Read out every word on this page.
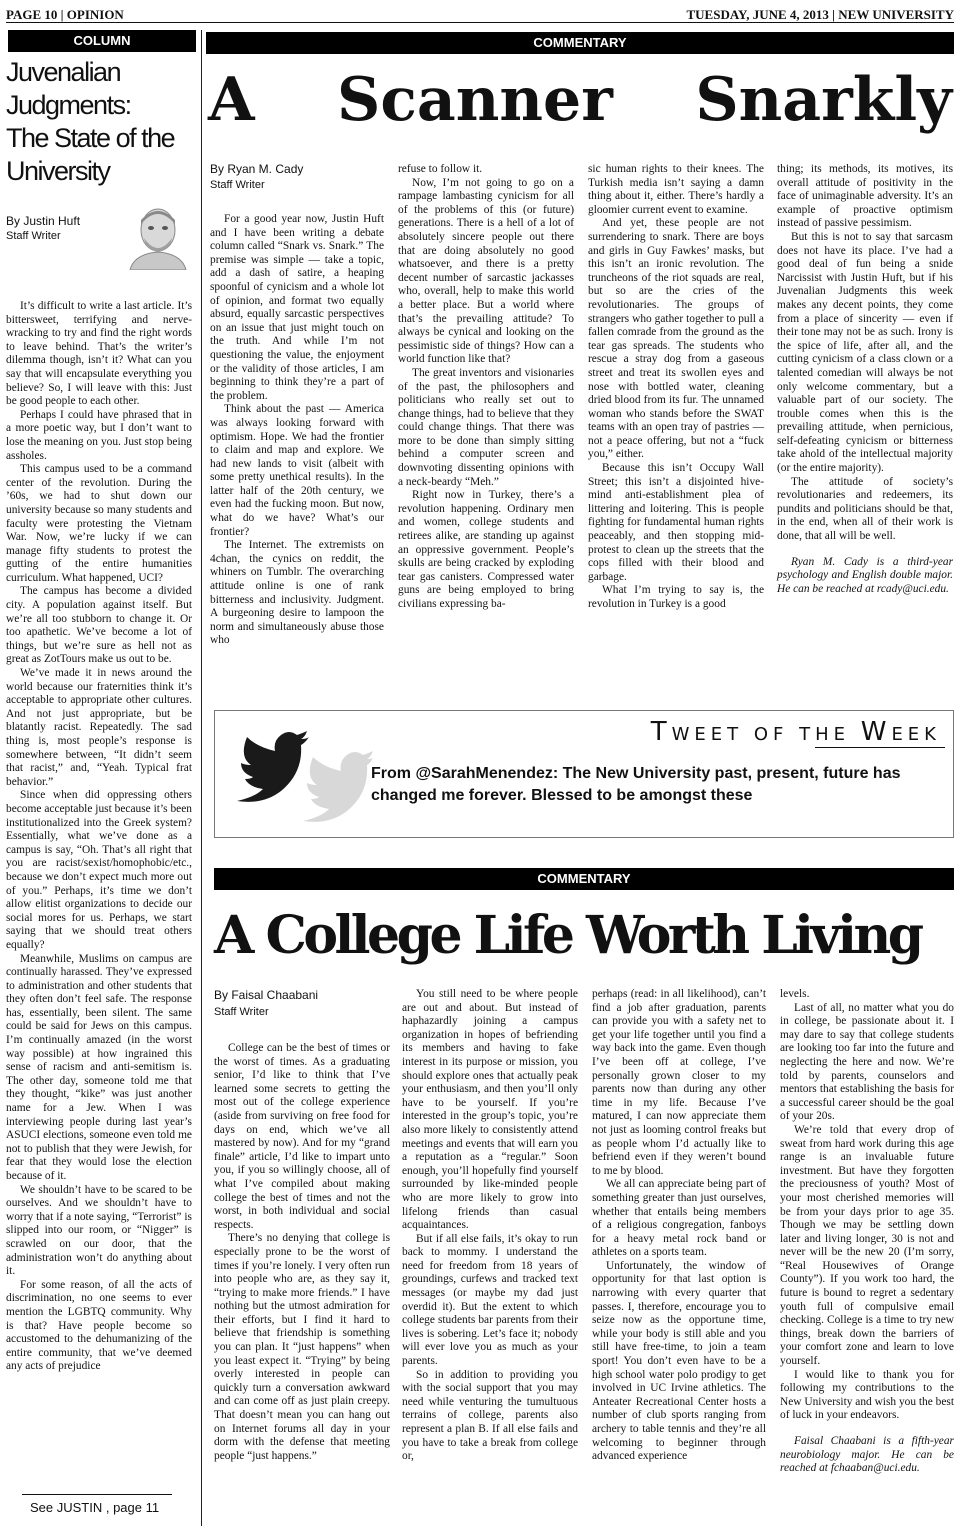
PAGE 10 | OPINION	TUESDAY, JUNE 4, 2013 | NEW UNIVERSITY
COLUMN	COMMENTARY
Juvenalian Judgments: The State of the University
By Justin Huft
Staff Writer

It’s difficult to write a last article. It’s bittersweet, terrifying and nerve-wracking to try and find the right words to leave behind. That’s the writer’s dilemma though, isn’t it? What can you say that will encapsulate everything you believe? So, I will leave with this: Just be good people to each other.

Perhaps I could have phrased that in a more poetic way, but I don’t want to lose the meaning on you. Just stop being assholes.

This campus used to be a command center of the revolution. During the ’60s, we had to shut down our university because so many students and faculty were protesting the Vietnam War. Now, we’re lucky if we can manage fifty students to protest the gutting of the entire humanities curriculum. What happened, UCI?

The campus has become a divided city. A population against itself. But we’re all too stubborn to change it. Or too apathetic. We’ve become a lot of things, but we’re sure as hell not as great as ZotTours make us out to be.

We’ve made it in news around the world because our fraternities think it’s acceptable to appropriate other cultures. And not just appropriate, but be blatantly racist. Repeatedly. The sad thing is, most people’s response is somewhere between, “It didn’t seem that racist,” and, “Yeah. Typical frat behavior.”

Since when did oppressing others become acceptable just because it’s been institutionalized into the Greek system? Essentially, what we’ve done as a campus is say, “Oh. That’s all right that you are racist/sexist/homophobic/etc., because we don’t expect much more out of you.” Perhaps, it’s time we don’t allow elitist organizations to decide our social mores for us. Perhaps, we start saying that we should treat others equally?

Meanwhile, Muslims on campus are continually harassed. They’ve expressed to administration and other students that they often don’t feel safe. The response has, essentially, been silent. The same could be said for Jews on this campus. I’m continually amazed (in the worst way possible) at how ingrained this sense of racism and anti-semitism is. The other day, someone told me that they thought, “kike” was just another name for a Jew. When I was interviewing people during last year’s ASUCI elections, someone even told me not to publish that they were Jewish, for fear that they would lose the election because of it.

We shouldn’t have to be scared to be ourselves. And we shouldn’t have to worry that if a note saying, “Terrorist” is slipped into our room, or “Nigger” is scrawled on our door, that the administration won’t do anything about it.

For some reason, of all the acts of discrimination, no one seems to ever mention the LGBTQ community. Why is that? Have people become so accustomed to the dehumanizing of the entire community, that we’ve deemed any acts of prejudice

See JUSTIN , page 11
A Scanner Snarkly
By Ryan M. Cady
Staff Writer

For a good year now, Justin Huft and I have been writing a debate column called “Snark vs. Snark.” The premise was simple — take a topic, add a dash of satire, a heaping spoonful of cynicism and a whole lot of opinion, and format two equally absurd, equally sarcastic perspectives on an issue that just might touch on the truth. And while I’m not questioning the value, the enjoyment or the validity of those articles, I am beginning to think they’re a part of the problem.

Think about the past — America was always looking forward with optimism. Hope. We had the frontier to claim and map and explore. We had new lands to visit (albeit with some pretty unethical results). In the latter half of the 20th century, we even had the fucking moon. But now, what do we have? What’s our frontier?

The Internet. The extremists on 4chan, the cynics on reddit, the whiners on Tumblr. The overarching attitude online is one of rank bitterness and inclusivity. Judgment. A burgeoning desire to lampoon the norm and simultaneously abuse those who

refuse to follow it.

Now, I’m not going to go on a rampage lambasting cynicism for all of the problems of this (or future) generations. There is a hell of a lot of absolutely sincere people out there that are doing absolutely no good whatsoever, and there is a pretty decent number of sarcastic jackasses who, overall, help to make this world a better place. But a world where that’s the prevailing attitude? To always be cynical and looking on the pessimistic side of things? How can a world function like that?

The great inventors and visionaries of the past, the philosophers and politicians who really set out to change things, had to believe that they could change things. That there was more to be done than simply sitting behind a computer screen and downvoting dissenting opinions with a neck-beardy “Meh.”

Right now in Turkey, there’s a revolution happening. Ordinary men and women, college students and retirees alike, are standing up against an oppressive government. People’s skulls are being cracked by exploding tear gas canisters. Compressed water guns are being employed to bring civilians expressing ba-

sic human rights to their knees. The Turkish media isn’t saying a damn thing about it, either. There’s hardly a gloomier current event to examine.

And yet, these people are not surrendering to snark. There are boys and girls in Guy Fawkes’ masks, but this isn’t an ironic revolution. The truncheons of the riot squads are real, but so are the cries of the revolutionaries. The groups of strangers who gather together to pull a fallen comrade from the ground as the tear gas spreads. The students who rescue a stray dog from a gaseous street and treat its swollen eyes and nose with bottled water, cleaning dried blood from its fur. The unnamed woman who stands before the SWAT teams with an open tray of pastries — not a peace offering, but not a “fuck you,” either.

Because this isn’t Occupy Wall Street; this isn’t a disjointed hive-mind anti-establishment plea of littering and loitering. This is people fighting for fundamental human rights peaceably, and then stopping mid-protest to clean up the streets that the cops filled with their blood and garbage.

What I’m trying to say is, the revolution in Turkey is a good

thing; its methods, its motives, its overall attitude of positivity in the face of unimaginable adversity. It’s an example of proactive optimism instead of passive pessimism.

But this is not to say that sarcasm does not have its place. I’ve had a good deal of fun being a snide Narcissist with Justin Huft, but if his Juvenalian Judgments this week makes any decent points, they come from a place of sincerity — even if their tone may not be as such. Irony is the spice of life, after all, and the cutting cynicism of a class clown or a talented comedian will always be not only welcome commentary, but a valuable part of our society. The trouble comes when this is the prevailing attitude, when pernicious, self-defeating cynicism or bitterness take ahold of the intellectual majority (or the entire majority).

The attitude of society’s revolutionaries and redeemers, its pundits and politicians should be that, in the end, when all of their work is done, that all will be well.

Ryan M. Cady is a third-year psychology and English double major. He can be reached at rcady@uci.edu.

TWEET OF THE WEEK
From @SarahMenendez: The New University past, present, future has changed me forever. Blessed to be amongst these
COMMENTARY
A College Life Worth Living
By Faisal Chaabani
Staff Writer

College can be the best of times or the worst of times. As a graduating senior, I’d like to think that I’ve learned some secrets to getting the most out of the college experience (aside from surviving on free food for days on end, which we’ve all mastered by now). And for my “grand finale” article, I’d like to impart unto you, if you so willingly choose, all of what I’ve compiled about making college the best of times and not the worst, in both individual and social respects.

There’s no denying that college is especially prone to be the worst of times if you’re lonely. I very often run into people who are, as they say it, “trying to make more friends.” I have nothing but the utmost admiration for their efforts, but I find it hard to believe that friendship is something you can plan. It “just happens” when you least expect it. “Trying” by being overly interested in people can quickly turn a conversation awkward and can come off as just plain creepy. That doesn’t mean you can hang out on Internet forums all day in your dorm with the defense that meeting people “just happens.”

You still need to be where people are out and about. But instead of haphazardly joining a campus organization in hopes of befriending its members and having to fake interest in its purpose or mission, you should explore ones that actually peak your enthusiasm, and then you’ll only have to be yourself. If you’re interested in the group’s topic, you’re also more likely to consistently attend meetings and events that will earn you a reputation as a “regular.” Soon enough, you’ll hopefully find yourself surrounded by like-minded people who are more likely to grow into lifelong friends than casual acquaintances.

But if all else fails, it’s okay to run back to mommy. I understand the need for freedom from 18 years of groundings, curfews and tracked text messages (or maybe my dad just overdid it). But the extent to which college students bar parents from their lives is sobering. Let’s face it; nobody will ever love you as much as your parents.

So in addition to providing you with the social support that you may need while venturing the tumultuous terrains of college, parents also represent a plan B. If all else fails and you have to take a break from college or,

perhaps (read: in all likelihood), can’t find a job after graduation, parents can provide you with a safety net to get your life together until you find a way back into the game. Even though I’ve been off at college, I’ve personally grown closer to my parents now than during any other time in my life. Because I’ve matured, I can now appreciate them not just as looming control freaks but as people whom I’d actually like to befriend even if they weren’t bound to me by blood.

We all can appreciate being part of something greater than just ourselves, whether that entails being members of a religious congregation, fanboys for a heavy metal rock band or athletes on a sports team.

Unfortunately, the window of opportunity for that last option is narrowing with every quarter that passes. I, therefore, encourage you to seize now as the opportune time, while your body is still able and you still have free-time, to join a team sport! You don’t even have to be a high school water polo prodigy to get involved in UC Irvine athletics. The Anteater Recreational Center hosts a number of club sports ranging from archery to table tennis and they’re all welcoming to beginner through advanced experience

levels.

Last of all, no matter what you do in college, be passionate about it. I may dare to say that college students are looking too far into the future and neglecting the here and now. We’re told by parents, counselors and mentors that establishing the basis for a successful career should be the goal of your 20s.

We’re told that every drop of sweat from hard work during this age range is an invaluable future investment. But have they forgotten the preciousness of youth? Most of your most cherished memories will be from your days prior to age 35. Though we may be settling down later and living longer, 30 is not and never will be the new 20 (I’m sorry, “Real Housewives of Orange County”). If you work too hard, the future is bound to regret a sedentary youth full of compulsive email checking. College is a time to try new things, break down the barriers of your comfort zone and learn to love yourself.

I would like to thank you for following my contributions to the New University and wish you the best of luck in your endeavors.

Faisal Chaabani is a fifth-year neurobiology major. He can be reached at fchaaban@uci.edu.
